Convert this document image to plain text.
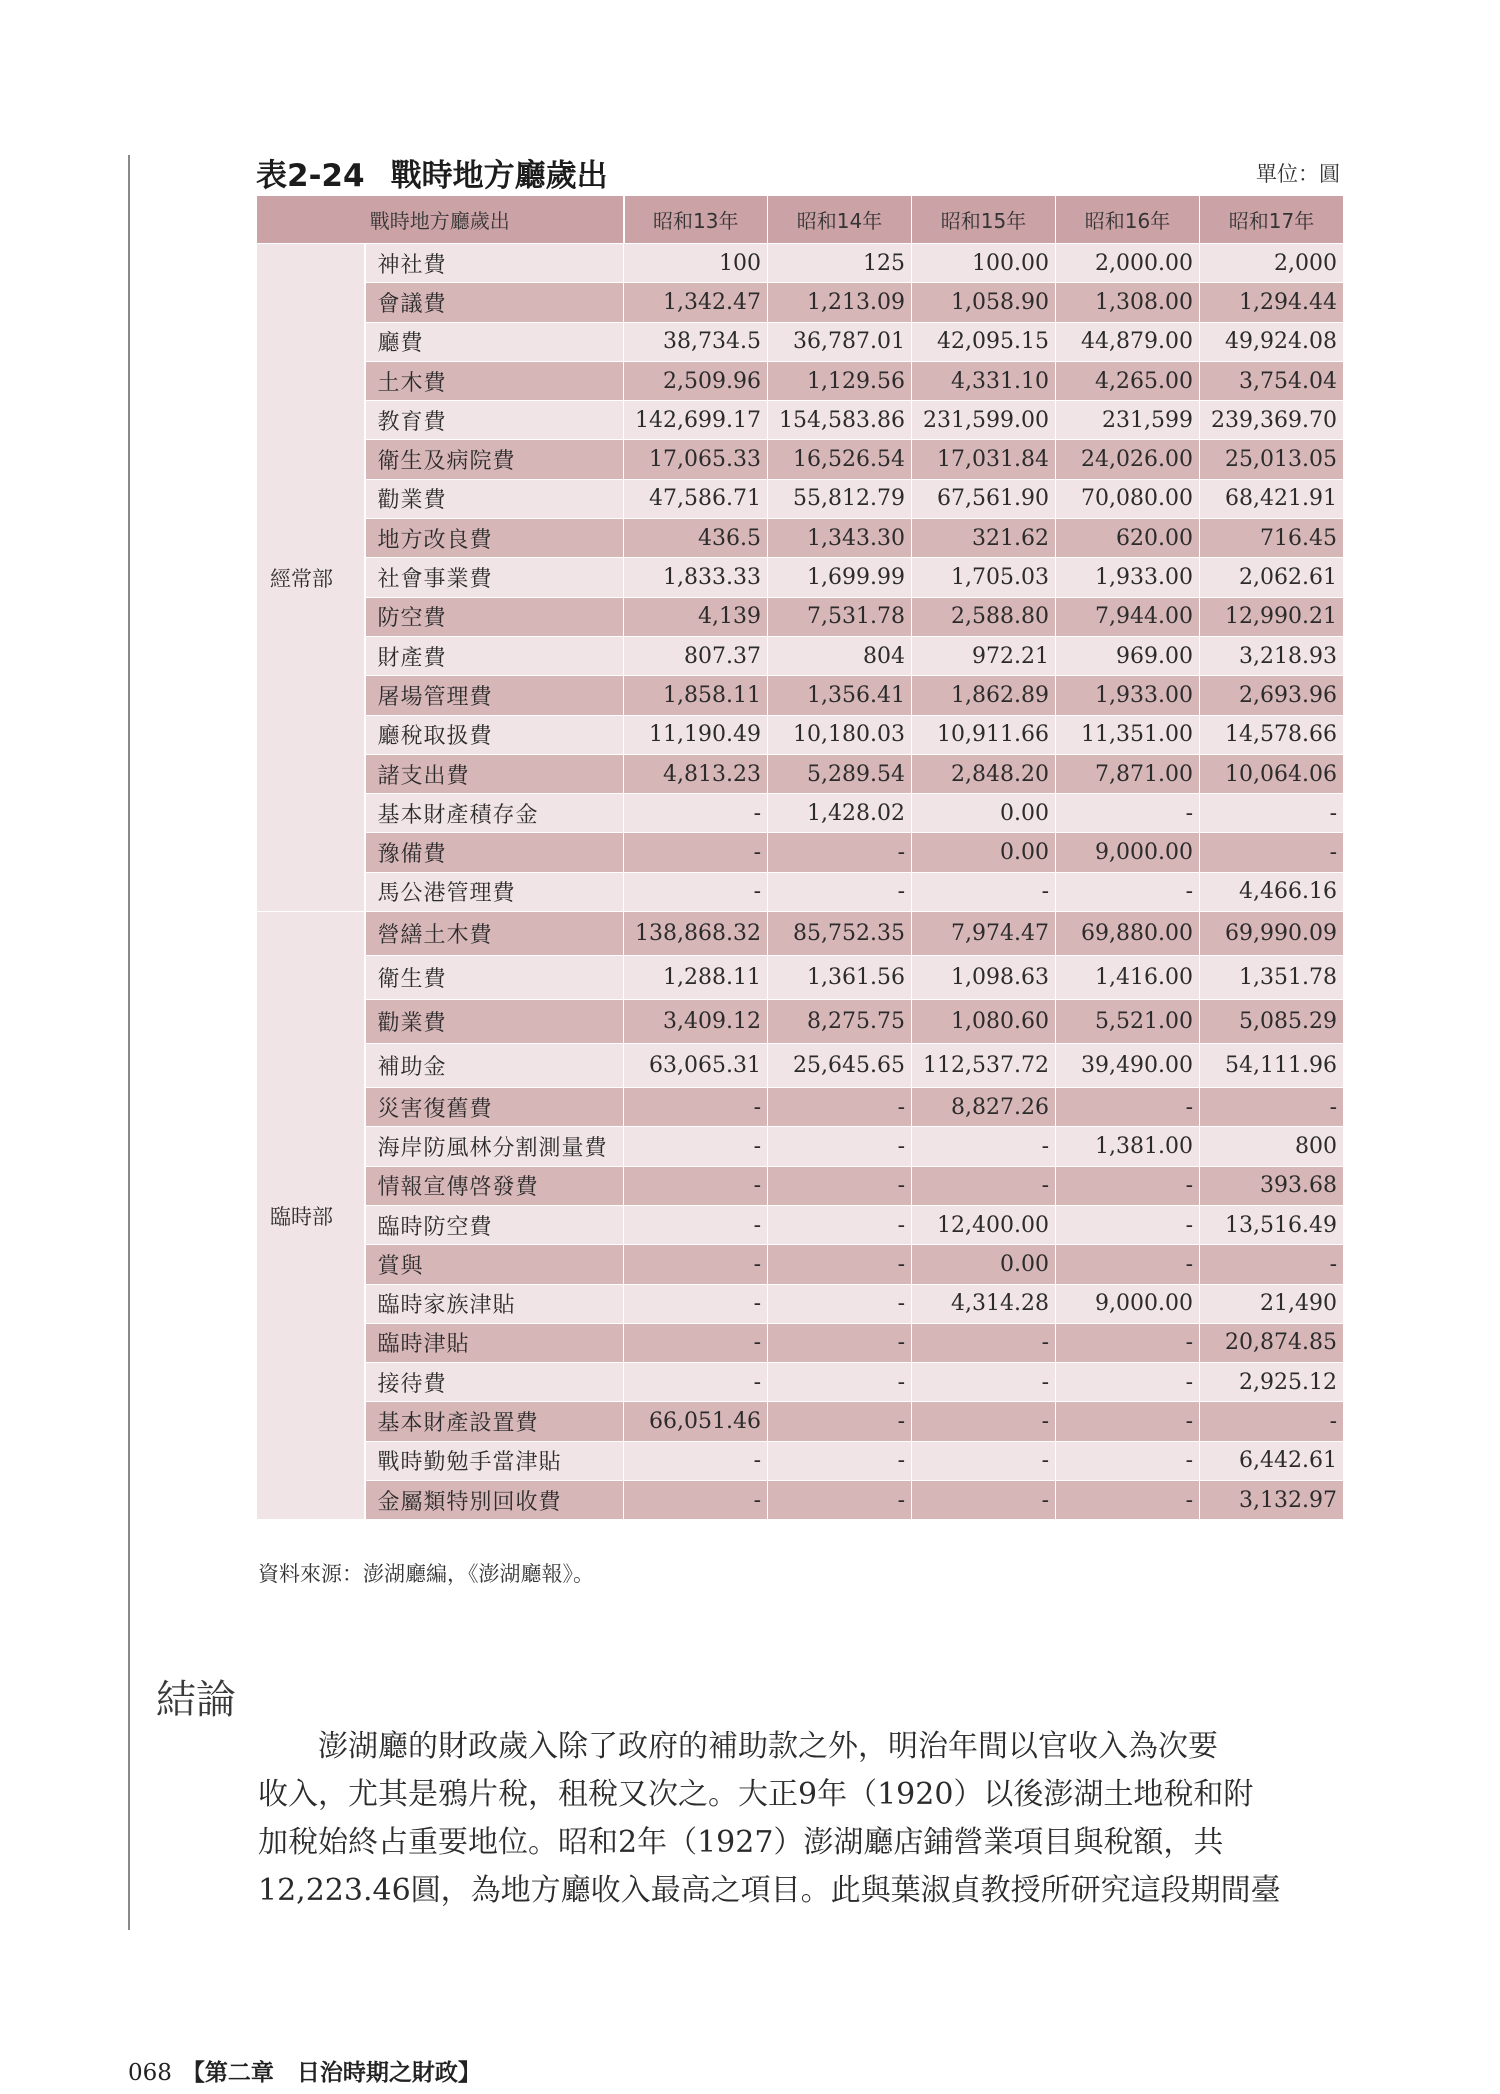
表2-24 戰時地方廳歲出	單位：圓
戰時地方廳歲出		昭和13年	昭和14年	昭和15年	昭和16年	昭和17年
經常部	神社費	100	125	100.00	2,000.00	2,000
	會議費	1,342.47	1,213.09	1,058.90	1,308.00	1,294.44
	廳費	38,734.5	36,787.01	42,095.15	44,879.00	49,924.08
	土木費	2,509.96	1,129.56	4,331.10	4,265.00	3,754.04
	教育費	142,699.17	154,583.86	231,599.00	231,599	239,369.70
	衛生及病院費	17,065.33	16,526.54	17,031.84	24,026.00	25,013.05
	勸業費	47,586.71	55,812.79	67,561.90	70,080.00	68,421.91
	地方改良費	436.5	1,343.30	321.62	620.00	716.45
	社會事業費	1,833.33	1,699.99	1,705.03	1,933.00	2,062.61
	防空費	4,139	7,531.78	2,588.80	7,944.00	12,990.21
	財產費	807.37	804	972.21	969.00	3,218.93
	屠場管理費	1,858.11	1,356.41	1,862.89	1,933.00	2,693.96
	廳稅取扱費	11,190.49	10,180.03	10,911.66	11,351.00	14,578.66
	諸支出費	4,813.23	5,289.54	2,848.20	7,871.00	10,064.06
	基本財產積存金	-	1,428.02	0.00	-	-
	豫備費	-	-	0.00	9,000.00	-
	馬公港管理費	-	-	-	-	4,466.16
臨時部	營繕土木費	138,868.32	85,752.35	7,974.47	69,880.00	69,990.09
	衛生費	1,288.11	1,361.56	1,098.63	1,416.00	1,351.78
	勸業費	3,409.12	8,275.75	1,080.60	5,521.00	5,085.29
	補助金	63,065.31	25,645.65	112,537.72	39,490.00	54,111.96
	災害復舊費	-	-	8,827.26	-	-
	海岸防風林分割測量費	-	-	-	1,381.00	800
	情報宣傳啓發費	-	-	-	-	393.68
	臨時防空費	-	-	12,400.00	-	13,516.49
	賞與	-	-	0.00	-	-
	臨時家族津貼	-	-	4,314.28	9,000.00	21,490
	臨時津貼	-	-	-	-	20,874.85
	接待費	-	-	-	-	2,925.12
	基本財產設置費	66,051.46	-	-	-	-
	戰時勤勉手當津貼	-	-	-	-	6,442.61
	金屬類特別回收費	-	-	-	-	3,132.97
資料來源：澎湖廳編，《澎湖廳報》。
結論

澎湖廳的財政歲入除了政府的補助款之外，明治年間以官收入為次要

收入，尤其是鴉片稅，租稅又次之。大正9年（1920）以後澎湖土地稅和附

加稅始終占重要地位。昭和2年（1927）澎湖廳店鋪營業項目與稅額，共

12,223.46圓，為地方廳收入最高之項目。此與葉淑貞教授所研究這段期間臺

068 【第二章　日治時期之財政】
